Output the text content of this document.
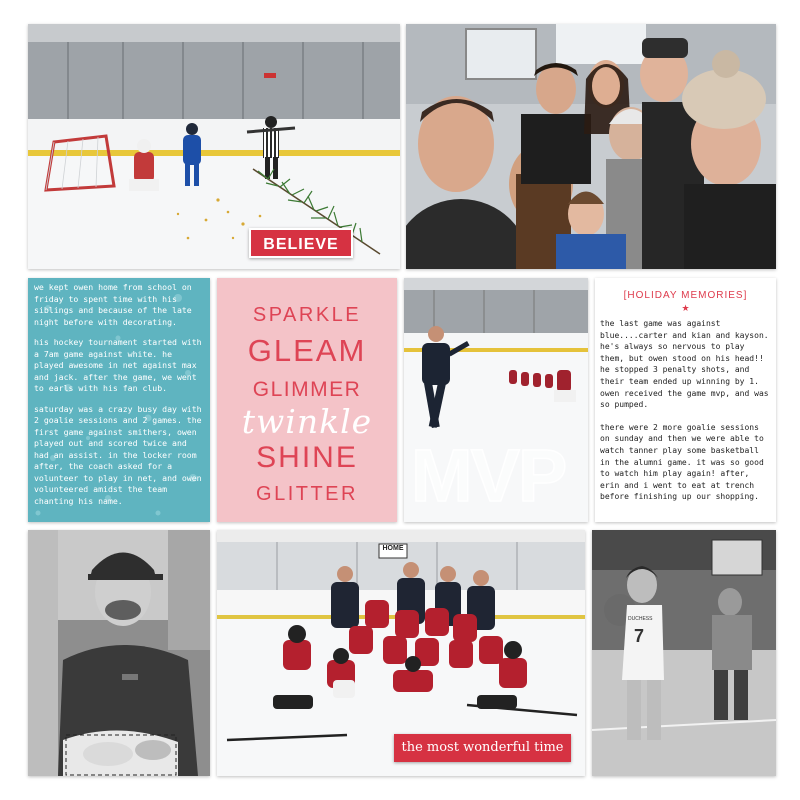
BELIEVE

we kept owen home from school on friday to spent time with his siblings and because of the late night before with decorating.

his hockey tournament started with a 7am game against white. he played awesome in net against max and jack. after the game, we went to earls with his fan club.

saturday was a crazy busy day with 2 goalie sessions and 2 games. the first game against smithers, owen played out and scored twice and had an assist. in the locker room after, the coach asked for a volunteer to play in net, and owen volunteered amidst the team chanting his name.

SPARKLE
GLEAM
GLIMMER
twinkle
SHINE
GLITTER MVP
[HOLIDAY MEMORIES]
★

the last game was against blue....carter and kian and kayson. he's always so nervous to play them, but owen stood on his head!! he stopped 3 penalty shots, and their team ended up winning by 1. owen received the game mvp, and was so pumped.

there were 2 more goalie sessions on sunday and then we were able to watch tanner play some basketball in the alumni game. it was so good to watch him play again! after, erin and i went to eat at trench before finishing up our shopping.

HOME
the most wonderful time
7
DUCHESS
